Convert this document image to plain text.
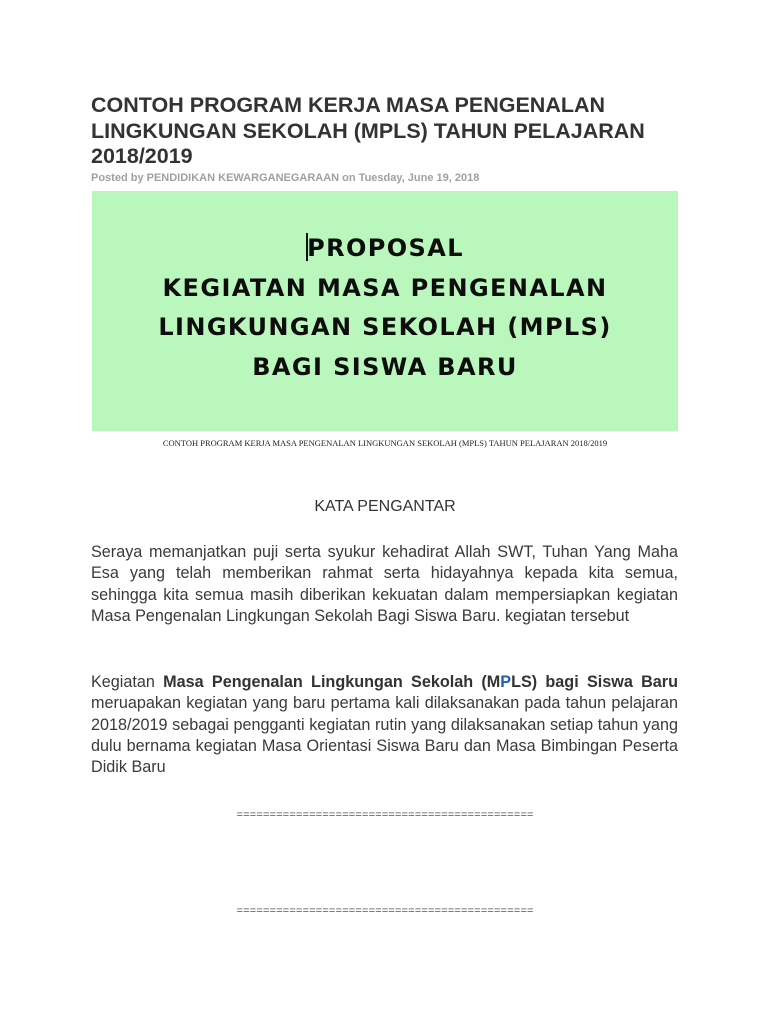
CONTOH PROGRAM KERJA MASA PENGENALAN LINGKUNGAN SEKOLAH (MPLS) TAHUN PELAJARAN 2018/2019

Posted by PENDIDIKAN KEWARGANEGARAAN on Tuesday, June 19, 2018

PROPOSAL
KEGIATAN MASA PENGENALAN
LINGKUNGAN SEKOLAH (MPLS)
BAGI SISWA BARU

CONTOH PROGRAM KERJA MASA PENGENALAN LINGKUNGAN SEKOLAH (MPLS) TAHUN PELAJARAN 2018/2019

KATA PENGANTAR

Seraya memanjatkan puji serta syukur kehadirat Allah SWT, Tuhan Yang Maha Esa yang telah memberikan rahmat serta hidayahnya kepada kita semua, sehingga kita semua masih diberikan kekuatan dalam mempersiapkan kegiatan Masa Pengenalan Lingkungan Sekolah Bagi Siswa Baru. kegiatan tersebut

Kegiatan Masa Pengenalan Lingkungan Sekolah (MPLS) bagi Siswa Baru meruapakan kegiatan yang baru pertama kali dilaksanakan pada tahun pelajaran 2018/2019 sebagai pengganti kegiatan rutin yang dilaksanakan setiap tahun yang dulu bernama kegiatan Masa Orientasi Siswa Baru dan Masa Bimbingan Peserta Didik Baru

=============================================

=============================================
